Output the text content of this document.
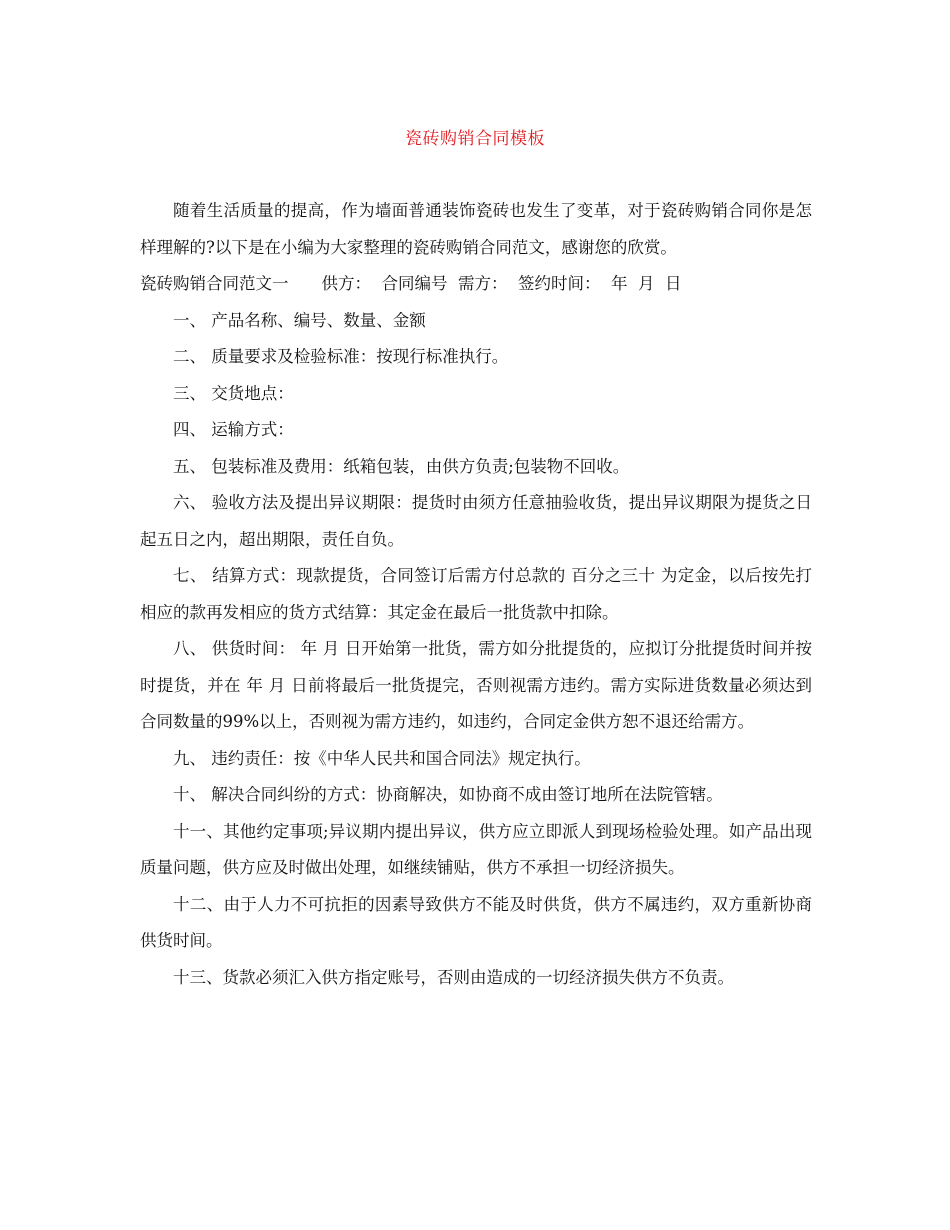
瓷砖购销合同模板

随着生活质量的提高，作为墙面普通装饰瓷砖也发生了变革，对于瓷砖购销合同你是怎样理解的?以下是在小编为大家整理的瓷砖购销合同范文，感谢您的欣赏。

瓷砖购销合同范文一　　供方：  合同编号  需方：  签约时间：  年  月  日

一、 产品名称、编号、数量、金额

二、 质量要求及检验标准：按现行标准执行。

三、 交货地点：

四、 运输方式：

五、 包装标准及费用：纸箱包装，由供方负责;包装物不回收。

六、 验收方法及提出异议期限：提货时由须方任意抽验收货，提出异议期限为提货之日起五日之内，超出期限，责任自负。

七、 结算方式：现款提货，合同签订后需方付总款的 百分之三十 为定金，以后按先打相应的款再发相应的货方式结算：其定金在最后一批货款中扣除。

八、 供货时间： 年 月 日开始第一批货，需方如分批提货的，应拟订分批提货时间并按时提货，并在 年 月 日前将最后一批货提完，否则视需方违约。需方实际进货数量必须达到合同数量的99%以上，否则视为需方违约，如违约，合同定金供方恕不退还给需方。

九、 违约责任：按《中华人民共和国合同法》规定执行。

十、 解决合同纠纷的方式：协商解决，如协商不成由签订地所在法院管辖。

十一、其他约定事项;异议期内提出异议，供方应立即派人到现场检验处理。如产品出现质量问题，供方应及时做出处理，如继续铺贴，供方不承担一切经济损失。

十二、由于人力不可抗拒的因素导致供方不能及时供货，供方不属违约，双方重新协商供货时间。

十三、货款必须汇入供方指定账号，否则由造成的一切经济损失供方不负责。
